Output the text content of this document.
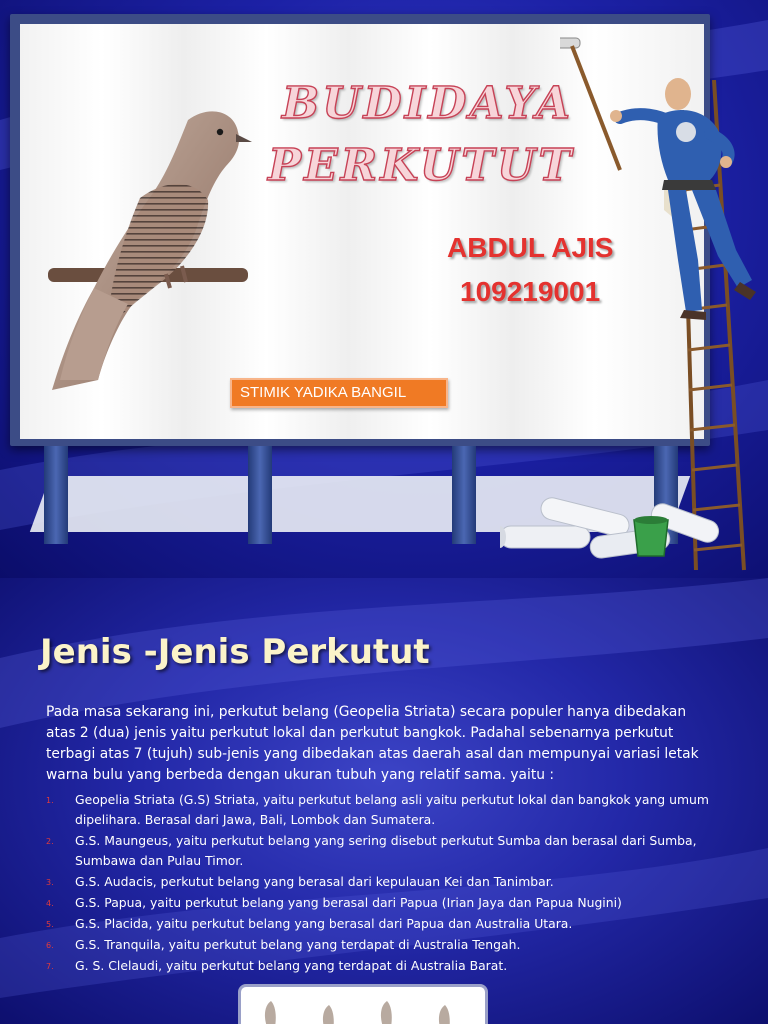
BUDIDAYA
PERKUTUT
ABDUL AJIS
109219001
STIMIK YADIKA BANGIL
Jenis -Jenis Perkutut
Pada masa sekarang ini, perkutut belang (Geopelia Striata) secara populer hanya dibedakan atas 2 (dua) jenis yaitu perkutut lokal dan perkutut bangkok. Padahal sebenarnya perkutut terbagi atas 7 (tujuh) sub-jenis yang dibedakan atas daerah asal dan mempunyai variasi letak warna bulu yang berbeda dengan ukuran tubuh yang relatif sama. yaitu :
1. Geopelia Striata (G.S) Striata, yaitu perkutut belang asli yaitu perkutut lokal dan bangkok yang umum dipelihara. Berasal dari Jawa, Bali, Lombok dan Sumatera.
2. G.S. Maungeus, yaitu perkutut belang yang sering disebut perkutut Sumba dan berasal dari Sumba, Sumbawa dan Pulau Timor.
3. G.S. Audacis, perkutut belang yang berasal dari kepulauan Kei dan Tanimbar.
4. G.S. Papua, yaitu perkutut belang yang berasal dari Papua (Irian Jaya dan Papua Nugini)
5. G.S. Placida, yaitu perkutut belang yang berasal dari Papua dan Australia Utara.
6. G.S. Tranquila, yaitu perkutut belang yang terdapat di Australia Tengah.
7. G. S. Clelaudi, yaitu perkutut belang yang terdapat di Australia Barat.
